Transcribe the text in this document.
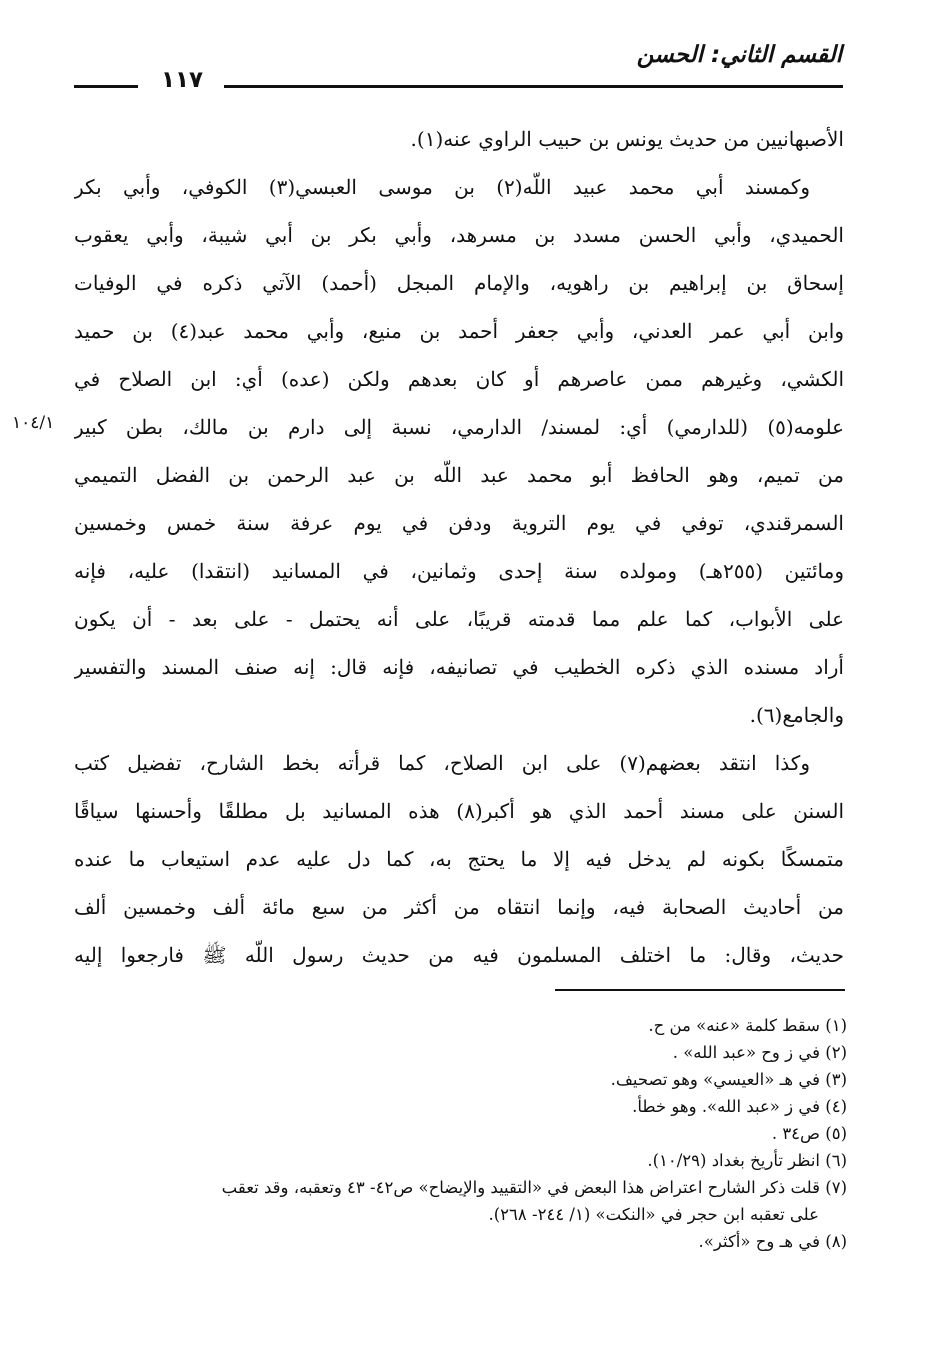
القسم الثاني: الحسن
١١٧
١٠٤/١
الأصبهانيين من حديث يونس بن حبيب الراوي عنه(١).
وكمسند أبي محمد عبيد اللّه(٢) بن موسى العبسي(٣) الكوفي، وأبي بكر
الحميدي، وأبي الحسن مسدد بن مسرهد، وأبي بكر بن أبي شيبة، وأبي يعقوب
إسحاق بن إبراهيم بن راهويه، والإمام المبجل (أحمد) الآتي ذكره في الوفيات
وابن أبي عمر العدني، وأبي جعفر أحمد بن منيع، وأبي محمد عبد(٤) بن حميد
الكشي، وغيرهم ممن عاصرهم أو كان بعدهم ولكن (عده) أي: ابن الصلاح في
علومه(٥) (للدارمي) أي: لمسند/ الدارمي، نسبة إلى دارم بن مالك، بطن كبير
من تميم، وهو الحافظ أبو محمد عبد اللّه بن عبد الرحمن بن الفضل التميمي
السمرقندي، توفي في يوم التروية ودفن في يوم عرفة سنة خمس وخمسين
ومائتين (٢٥٥هـ) ومولده سنة إحدى وثمانين، في المسانيد (انتقدا) عليه، فإنه
على الأبواب، كما علم مما قدمته قريبًا، على أنه يحتمل - على بعد - أن يكون
أراد مسنده الذي ذكره الخطيب في تصانيفه، فإنه قال: إنه صنف المسند والتفسير
والجامع(٦).
وكذا انتقد بعضهم(٧) على ابن الصلاح، كما قرأته بخط الشارح، تفضيل كتب
السنن على مسند أحمد الذي هو أكبر(٨) هذه المسانيد بل مطلقًا وأحسنها سياقًا
متمسكًا بكونه لم يدخل فيه إلا ما يحتج به، كما دل عليه عدم استيعاب ما عنده
من أحاديث الصحابة فيه، وإنما انتقاه من أكثر من سبع مائة ألف وخمسين ألف
حديث، وقال: ما اختلف المسلمون فيه من حديث رسول اللّه ﷺ فارجعوا إليه
(١) سقط كلمة «عنه» من ح.
(٢) في ز وح «عبد الله» .
(٣) في هـ «العيسي» وهو تصحيف.
(٤) في ز «عبد الله». وهو خطأ.
(٥) ص٣٤ .
(٦) انظر تأريخ بغداد (١٠/٢٩).
(٧) قلت ذكر الشارح اعتراض هذا البعض في «التقييد والإيضاح» ص٤٢- ٤٣ وتعقبه، وقد تعقب
على تعقبه ابن حجر في «النكت» (١/ ٢٤٤- ٢٦٨).
(٨) في هـ وح «أكثر».
